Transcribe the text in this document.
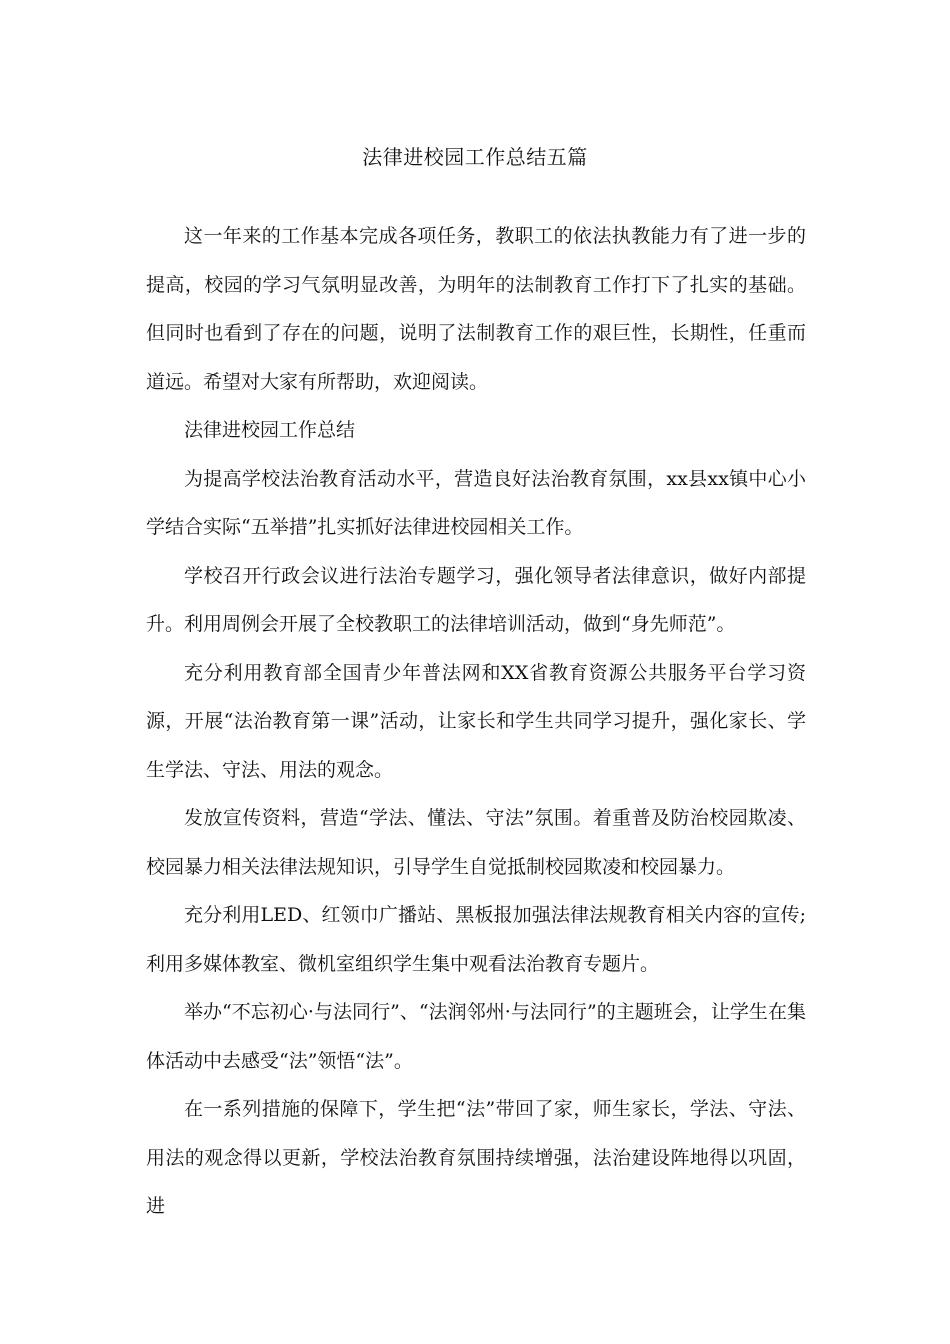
法律进校园工作总结五篇

这一年来的工作基本完成各项任务，教职工的依法执教能力有了进一步的提高，校园的学习气氛明显改善，为明年的法制教育工作打下了扎实的基础。但同时也看到了存在的问题，说明了法制教育工作的艰巨性，长期性，任重而道远。希望对大家有所帮助，欢迎阅读。

法律进校园工作总结

为提高学校法治教育活动水平，营造良好法治教育氛围，xx县xx镇中心小学结合实际“五举措”扎实抓好法律进校园相关工作。

学校召开行政会议进行法治专题学习，强化领导者法律意识，做好内部提升。利用周例会开展了全校教职工的法律培训活动，做到“身先师范”。

充分利用教育部全国青少年普法网和XX省教育资源公共服务平台学习资源，开展“法治教育第一课”活动，让家长和学生共同学习提升，强化家长、学生学法、守法、用法的观念。

发放宣传资料，营造“学法、懂法、守法”氛围。着重普及防治校园欺凌、校园暴力相关法律法规知识，引导学生自觉抵制校园欺凌和校园暴力。

充分利用LED、红领巾广播站、黑板报加强法律法规教育相关内容的宣传;利用多媒体教室、微机室组织学生集中观看法治教育专题片。

举办“不忘初心·与法同行”、“法润邻州·与法同行”的主题班会，让学生在集体活动中去感受“法”领悟“法”。

在一系列措施的保障下，学生把“法”带回了家，师生家长，学法、守法、用法的观念得以更新，学校法治教育氛围持续增强，法治建设阵地得以巩固，进
